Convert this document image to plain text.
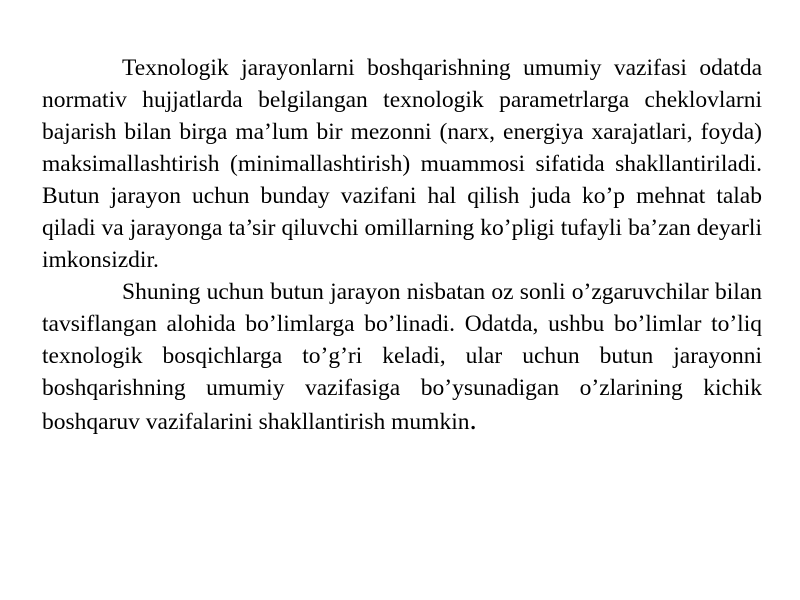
Texnologik jarayonlarni boshqarishning umumiy vazifasi odatda normativ hujjatlarda belgilangan texnologik parametrlarga cheklovlarni bajarish bilan birga ma’lum bir mezonni (narx, energiya xarajatlari, foyda) maksimallashtirish (minimallashtirish) muammosi sifatida shakllantiriladi. Butun jarayon uchun bunday vazifani hal qilish juda ko’p mehnat talab qiladi va jarayonga ta’sir qiluvchi omillarning ko’pligi tufayli ba’zan deyarli imkonsizdir.

Shuning uchun butun jarayon nisbatan oz sonli o’zgaruvchilar bilan tavsiflangan alohida bo’limlarga bo’linadi. Odatda, ushbu bo’limlar to’liq texnologik bosqichlarga to’g’ri keladi, ular uchun butun jarayonni boshqarishning umumiy vazifasiga bo’ysunadigan o’zlarining kichik boshqaruv vazifalarini shakllantirish mumkin.
